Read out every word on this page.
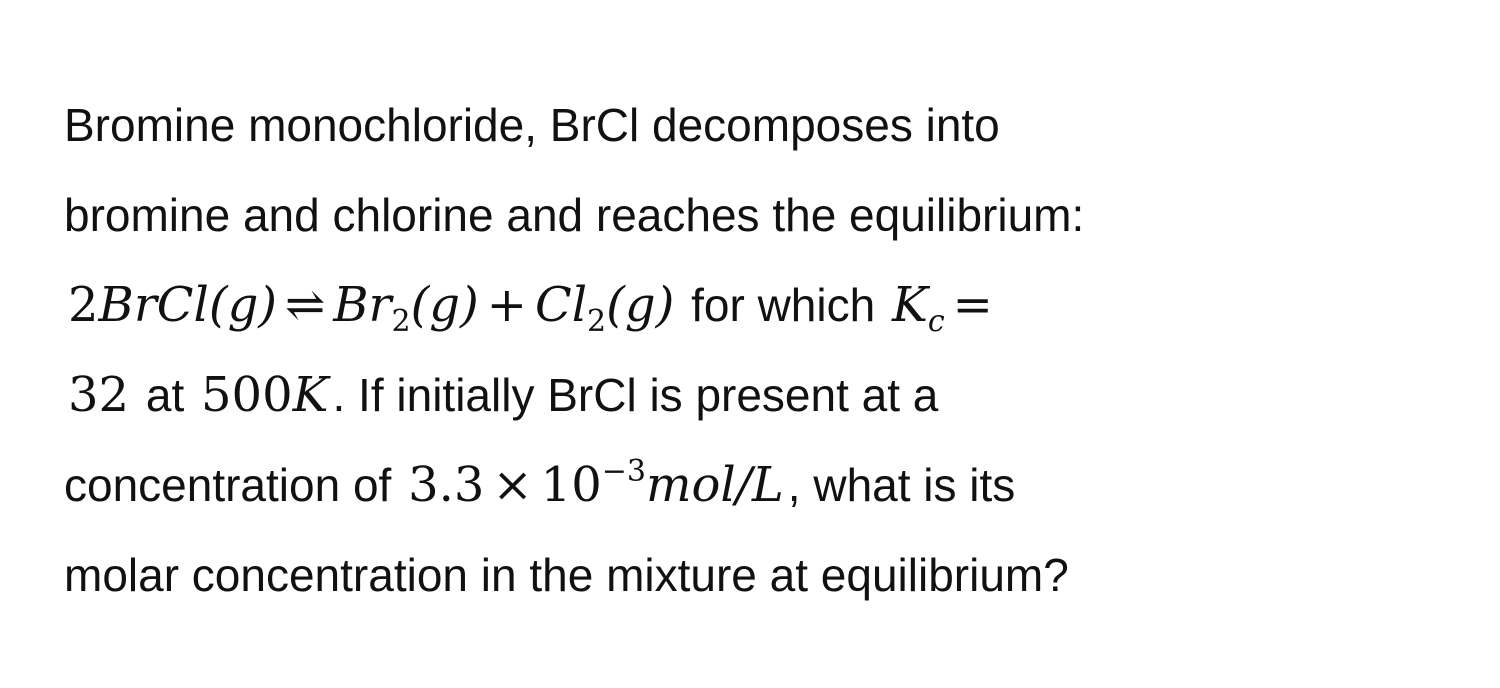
Bromine monochloride, BrCl decomposes into
bromine and chlorine and reaches the equilibrium:
2BrCl(g) ⇌ $Br_2(g) + Cl_2(g)$ for which $K_c$ =
32 at 500K. If initially BrCl is present at a
concentration of $3.3 \times 10^{-3}mol/L$, what is its
molar concentration in the mixture at equilibrium?
